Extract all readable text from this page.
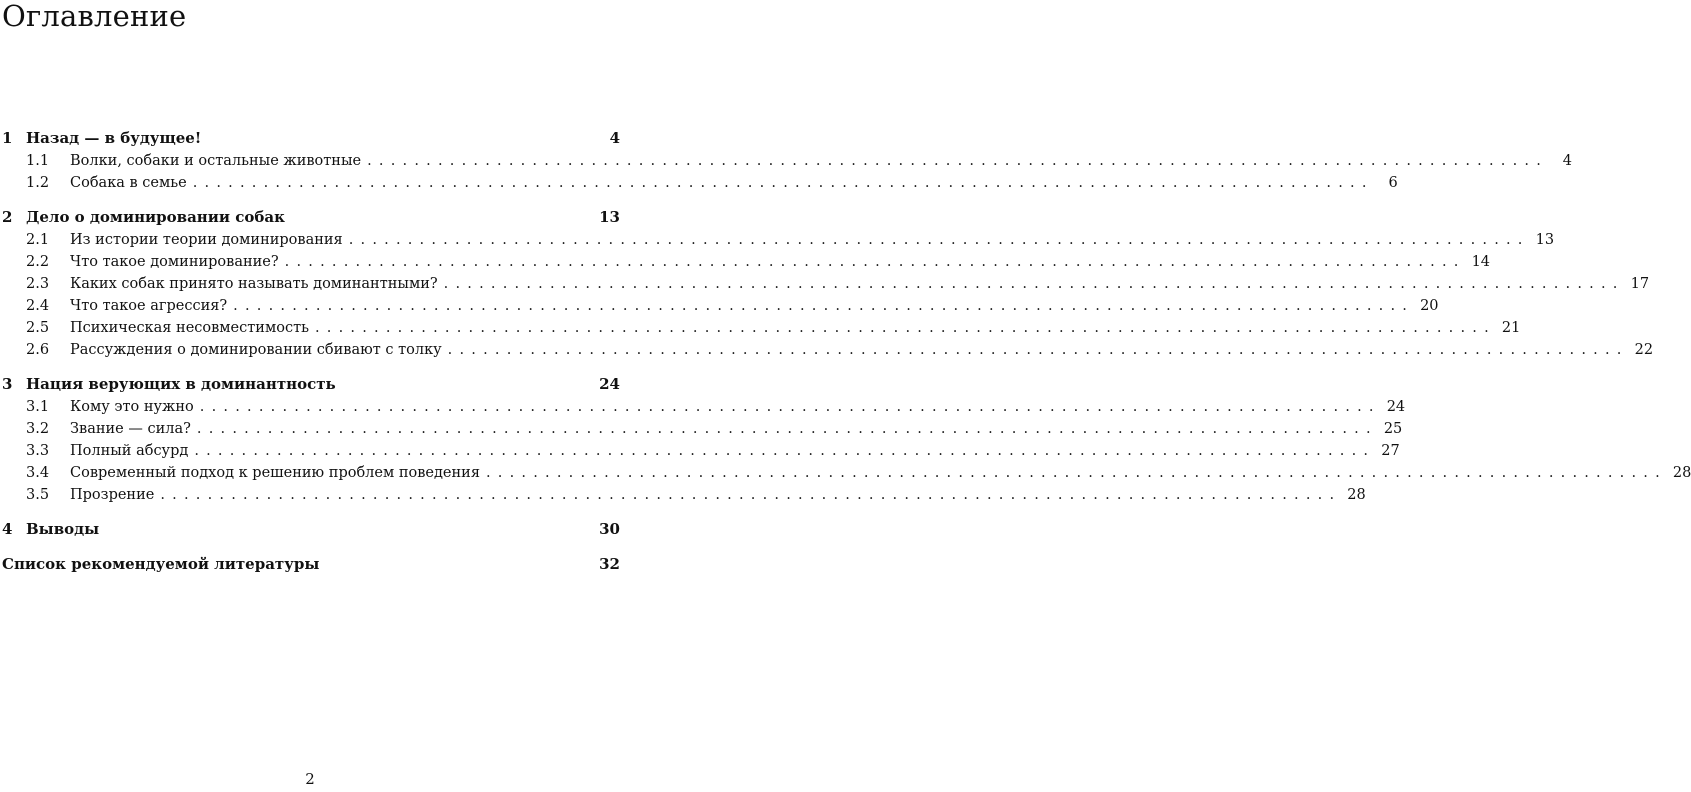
Оглавление
1 Назад — в будущее!	4
1.1	Волки, собаки и остальные животные ....................................................................................................	4
1.2	Собака в семье ....................................................................................................	6
2 Дело о доминировании собак	13
2.1	Из истории теории доминирования .................................................................................................... 13
2.2	Что такое доминирование? .................................................................................................... 14
2.3	Каких собак принято называть доминантными? .................................................................................................... 17
2.4	Что такое агрессия? .................................................................................................... 20
2.5	Психическая несовместимость .................................................................................................... 21
2.6	Рассуждения о доминировании сбивают с толку .................................................................................................... 22
3 Нация верующих в доминантность	24
3.1	Кому это нужно .................................................................................................... 24
3.2	Звание — сила? .................................................................................................... 25
3.3	Полный абсурд .................................................................................................... 27
3.4	Современный подход к решению проблем поведения .................................................................................................... 28
3.5	Прозрение .................................................................................................... 28
4 Выводы	30
Список рекомендуемой литературы	32
2
